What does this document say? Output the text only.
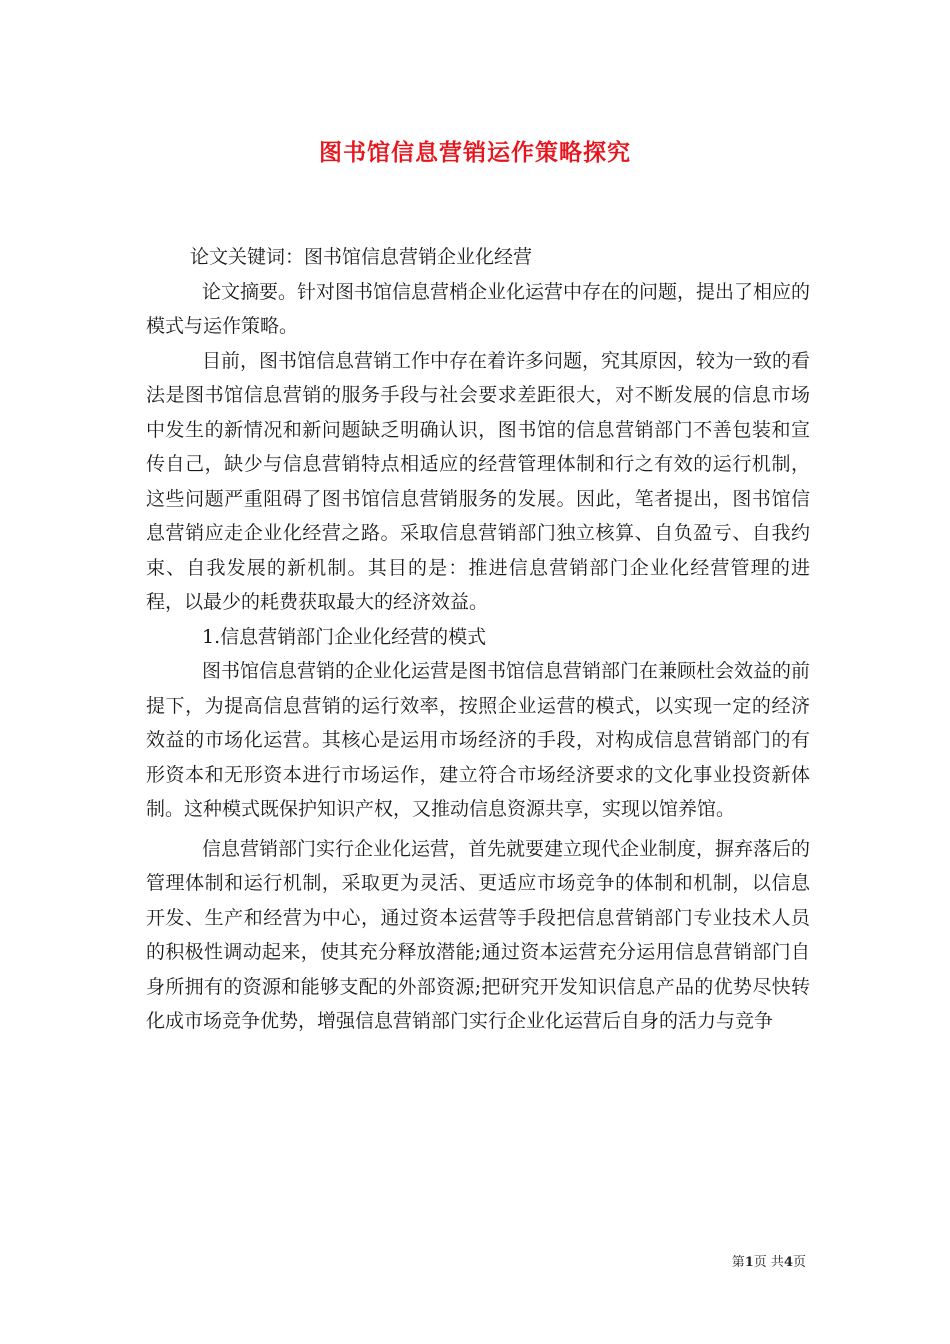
图书馆信息营销运作策略探究

论文关键词：图书馆信息营销企业化经营

论文摘要。针对图书馆信息营梢企业化运营中存在的问题，提出了相应的模式与运作策略。

目前，图书馆信息营销工作中存在着许多问题，究其原因，较为一致的看法是图书馆信息营销的服务手段与社会要求差距很大，对不断发展的信息市场中发生的新情况和新问题缺乏明确认识，图书馆的信息营销部门不善包装和宣传自己，缺少与信息营销特点相适应的经营管理体制和行之有效的运行机制，这些问题严重阻碍了图书馆信息营销服务的发展。因此，笔者提出，图书馆信息营销应走企业化经营之路。采取信息营销部门独立核算、自负盈亏、自我约束、自我发展的新机制。其目的是：推进信息营销部门企业化经营管理的进程，以最少的耗费获取最大的经济效益。

1.信息营销部门企业化经营的模式

图书馆信息营销的企业化运营是图书馆信息营销部门在兼顾杜会效益的前提下，为提高信息营销的运行效率，按照企业运营的模式，以实现一定的经济效益的市场化运营。其核心是运用市场经济的手段，对构成信息营销部门的有形资本和无形资本进行市场运作，建立符合市场经济要求的文化事业投资新体制。这种模式既保护知识产权，又推动信息资源共享，实现以馆养馆。

信息营销部门实行企业化运营，首先就要建立现代企业制度，摒弃落后的管理体制和运行机制，采取更为灵活、更适应市场竞争的体制和机制，以信息开发、生产和经营为中心，通过资本运营等手段把信息营销部门专业技术人员的积极性调动起来，使其充分释放潜能;通过资本运营充分运用信息营销部门自身所拥有的资源和能够支配的外部资源;把研究开发知识信息产品的优势尽快转化成市场竞争优势，增强信息营销部门实行企业化运营后自身的活力与竞争

第1页 共4页
